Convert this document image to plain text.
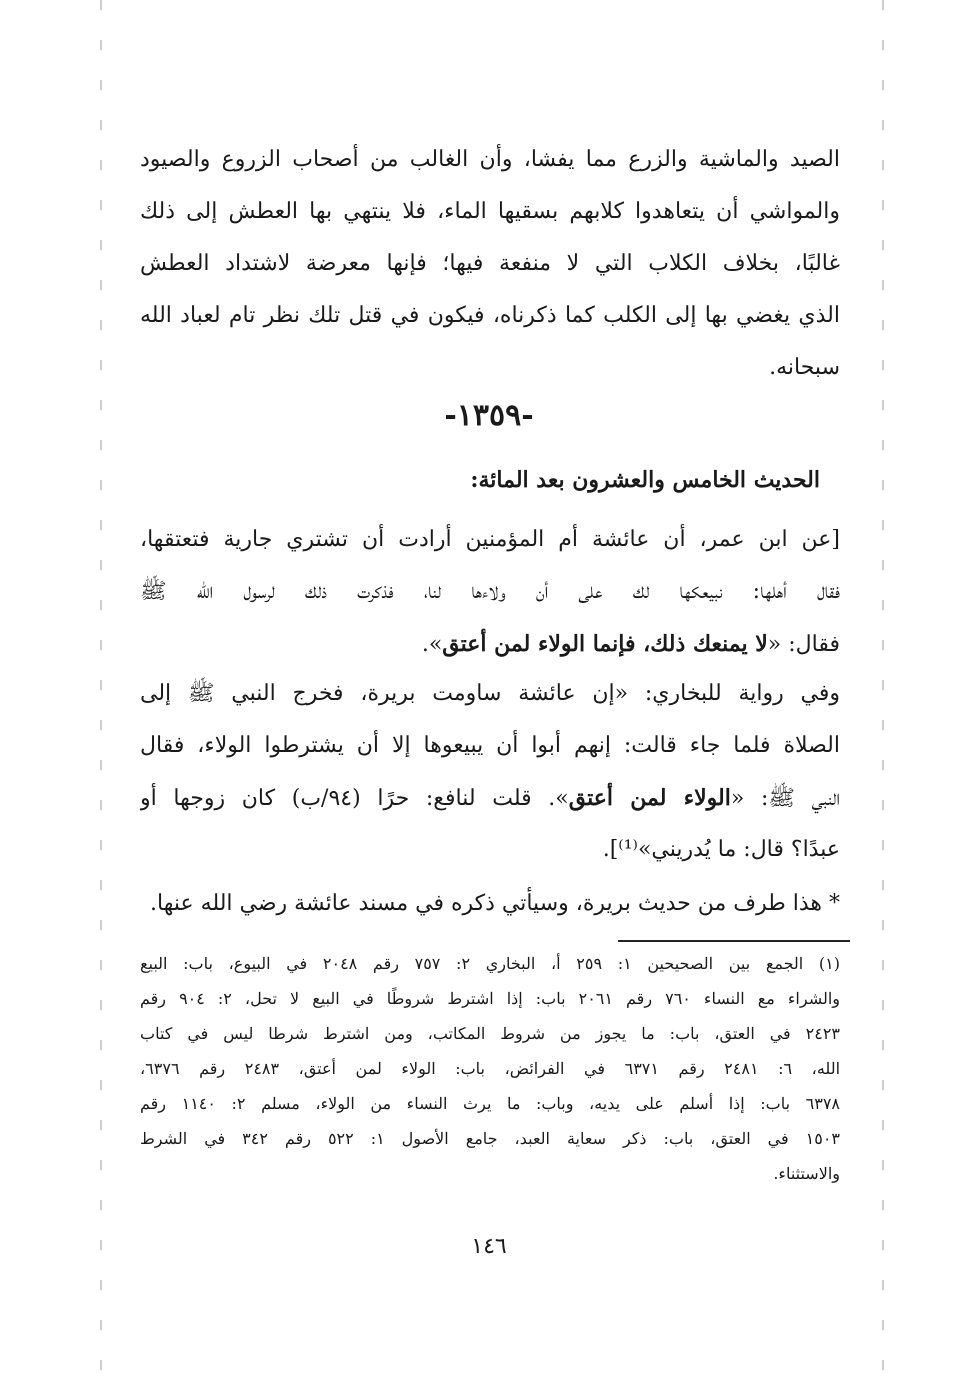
الصيد والماشية والزرع مما يفشا، وأن الغالب من أصحاب الزروع والصيود
والمواشي أن يتعاهدوا كلابهم بسقيها الماء، فلا ينتهي بها العطش إلى ذلك
غالبًا، بخلاف الكلاب التي لا منفعة فيها؛ فإنها معرضة لاشتداد العطش
الذي يغضي بها إلى الكلب كما ذكرناه، فيكون في قتل تلك نظر تام لعباد الله
سبحانه.
-١٣٥٩-
الحديث الخامس والعشرون بعد المائة:
[عن ابن عمر، أن عائشة أم المؤمنين أرادت أن تشتري جارية فتعتقها،
فقال أهلها: نبيعكها لك على أن ولاءها لنا، فذكرت ذلك لرسول الله ﷺ
فقال: «لا يمنعك ذلك، فإنما الولاء لمن أعتق».
وفي رواية للبخاري: «إن عائشة ساومت بريرة، فخرج النبي ﷺ إلى
الصلاة فلما جاء قالت: إنهم أبوا أن يبيعوها إلا أن يشترطوا الولاء، فقال
النبي ﷺ: «الولاء لمن أعتق». قلت لنافع: حرًا (٩٤/ب) كان زوجها أو
عبدًا؟ قال: ما يُدريني»⁽¹⁾].
* هذا طرف من حديث بريرة، وسيأتي ذكره في مسند عائشة رضي الله عنها.
(١) الجمع بين الصحيحين ١: ٢٥٩ أ، البخاري ٢: ٧٥٧ رقم ٢٠٤٨ في البيوع، باب: البيع
والشراء مع النساء ٧٦٠ رقم ٢٠٦١ باب: إذا اشترط شروطًا في البيع لا تحل، ٢: ٩٠٤ رقم
٢٤٢٣ في العتق، باب: ما يجوز من شروط المكاتب، ومن اشترط شرطا ليس في كتاب
الله، ٦: ٢٤٨١ رقم ٦٣٧١ في الفرائض، باب: الولاء لمن أعتق، ٢٤٨٣ رقم ٦٣٧٦،
٦٣٧٨ باب: إذا أسلم على يديه، وباب: ما يرث النساء من الولاء، مسلم ٢: ١١٤٠ رقم
١٥٠٣ في العتق، باب: ذكر سعاية العبد، جامع الأصول ١: ٥٢٢ رقم ٣٤٢ في الشرط
والاستثناء.
١٤٦
